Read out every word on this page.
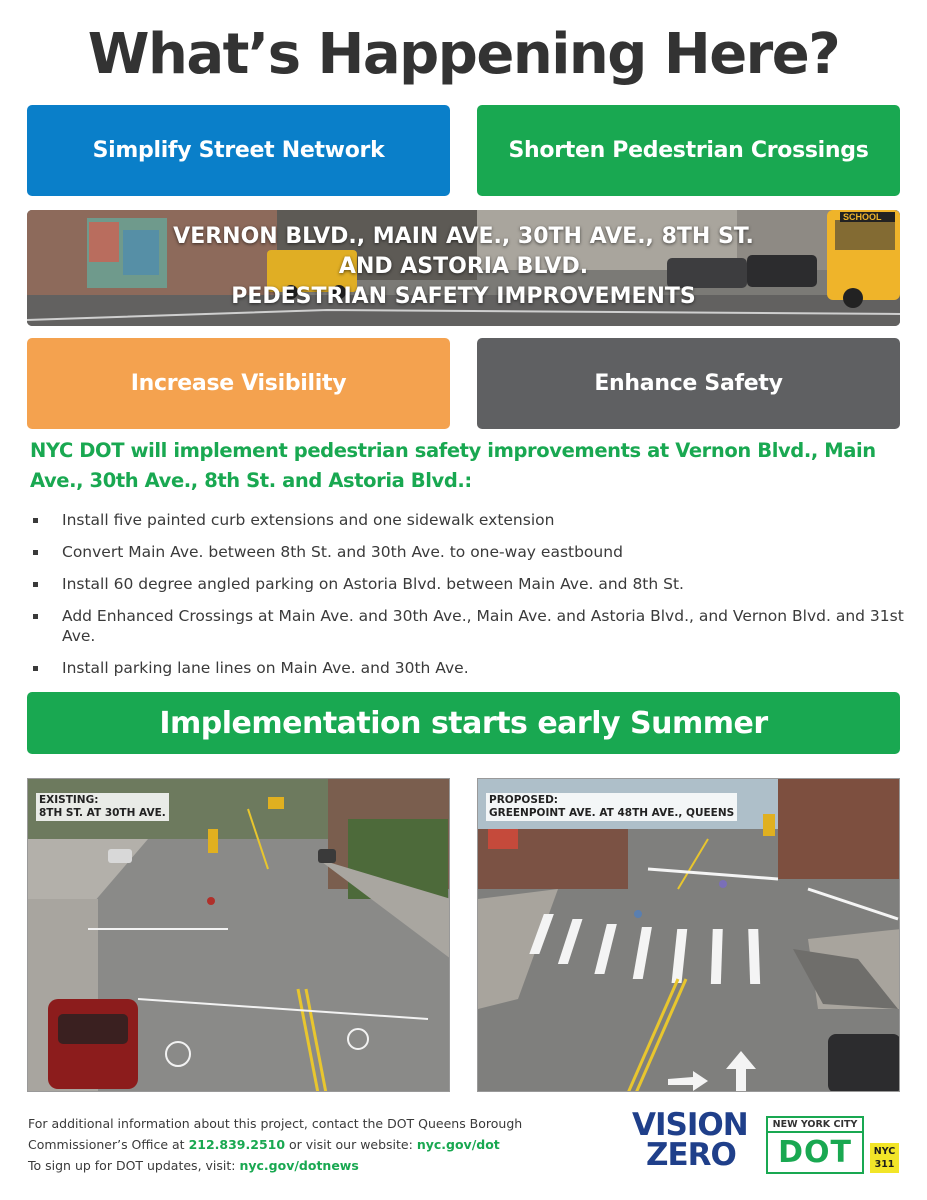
What’s Happening Here?
Simplify Street Network	Shorten Pedestrian Crossings
SCHOOL
VERNON BLVD., MAIN AVE., 30TH AVE., 8TH ST.
AND ASTORIA BLVD.
PEDESTRIAN SAFETY IMPROVEMENTS
Increase Visibility	Enhance Safety
NYC DOT will implement pedestrian safety improvements at Vernon Blvd., Main Ave., 30th Ave., 8th St. and Astoria Blvd.:
Install five painted curb extensions and one sidewalk extension
Convert Main Ave. between 8th St. and 30th Ave. to one-way eastbound
Install 60 degree angled parking on Astoria Blvd. between Main Ave. and 8th St.
Add Enhanced Crossings at Main Ave. and 30th Ave., Main Ave. and Astoria Blvd., and Vernon Blvd. and 31st Ave.
Install parking lane lines on Main Ave. and 30th Ave.
Implementation starts early Summer
EXISTING:
8TH ST. AT 30TH AVE.
PROPOSED:
GREENPOINT AVE. AT 48TH AVE., QUEENS
For additional information about this project, contact the DOT Queens Borough
Commissioner’s Office at 212.839.2510 or visit our website: nyc.gov/dot
To sign up for DOT updates, visit: nyc.gov/dotnews
VISION
ZERO
NEW YORK CITY
DOT	NYC
311
